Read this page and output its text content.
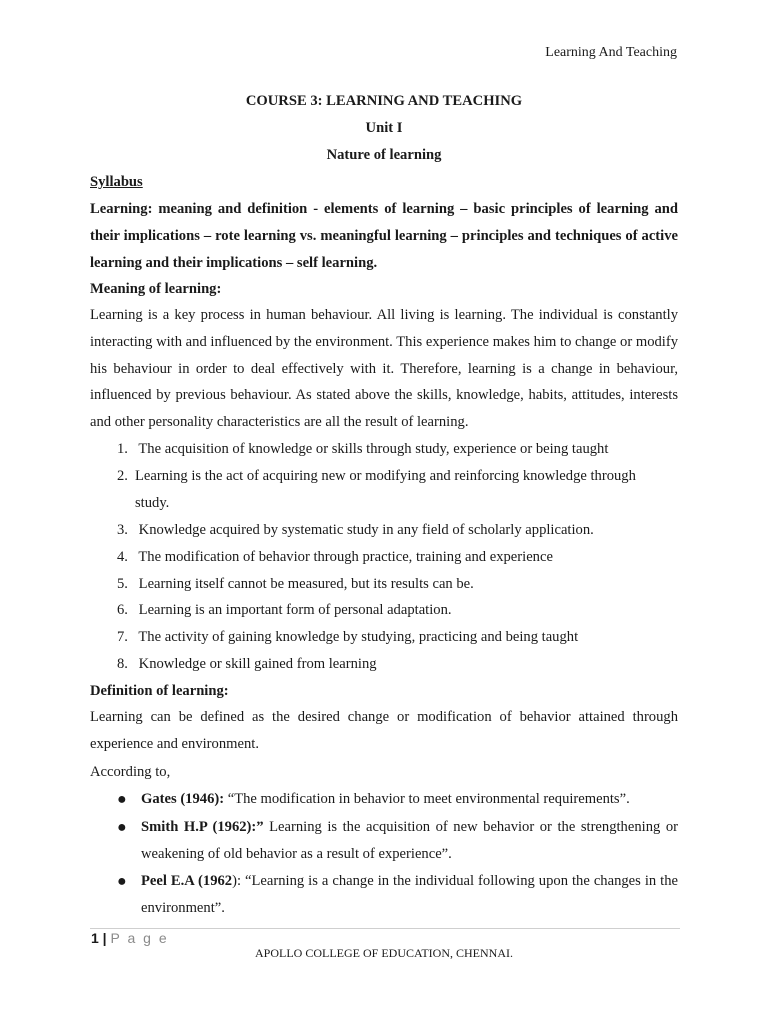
Learning And Teaching
COURSE 3: LEARNING AND TEACHING
Unit I
Nature of learning
Syllabus
Learning: meaning and definition - elements of learning – basic principles of learning and their implications – rote learning vs. meaningful learning – principles and techniques of active learning and their implications – self learning.
Meaning of learning:
Learning is a key process in human behaviour. All living is learning. The individual is constantly interacting with and influenced by the environment. This experience makes him to change or modify his behaviour in order to deal effectively with it. Therefore, learning is a change in behaviour, influenced by previous behaviour. As stated above the skills, knowledge, habits, attitudes, interests and other personality characteristics are all the result of learning.
1. The acquisition of knowledge or skills through study, experience or being taught
2. Learning is the act of acquiring new or modifying and reinforcing knowledge through study.
3. Knowledge acquired by systematic study in any field of scholarly application.
4. The modification of behavior through practice, training and experience
5. Learning itself cannot be measured, but its results can be.
6. Learning is an important form of personal adaptation.
7. The activity of gaining knowledge by studying, practicing and being taught
8. Knowledge or skill gained from learning
Definition of learning:
Learning can be defined as the desired change or modification of behavior attained through experience and environment.
According to,
● Gates (1946): “The modification in behavior to meet environmental requirements”.
● Smith H.P (1962):” Learning is the acquisition of new behavior or the strengthening or weakening of old behavior as a result of experience”.
● Peel E.A (1962): “Learning is a change in the individual following upon the changes in the environment”.
1 | P a g e
APOLLO COLLEGE OF EDUCATION, CHENNAI.
